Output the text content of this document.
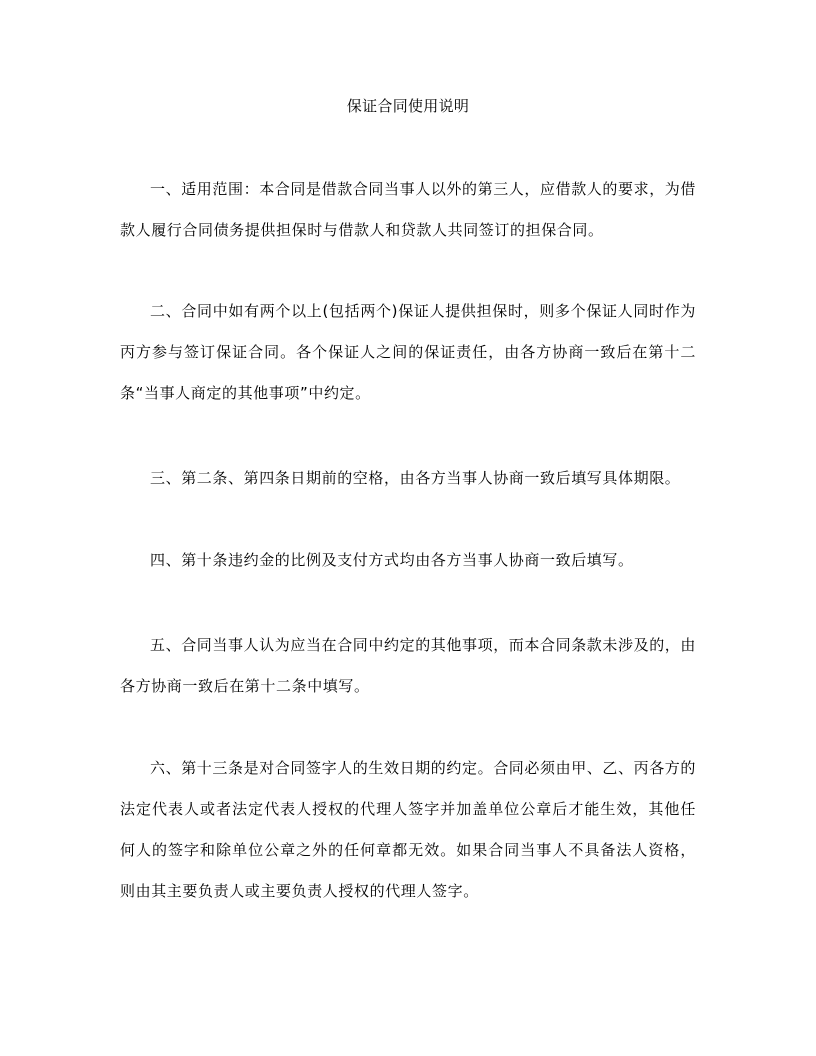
保证合同使用说明

一、适用范围：本合同是借款合同当事人以外的第三人，应借款人的要求，为借款人履行合同债务提供担保时与借款人和贷款人共同签订的担保合同。

二、合同中如有两个以上(包括两个)保证人提供担保时，则多个保证人同时作为丙方参与签订保证合同。各个保证人之间的保证责任，由各方协商一致后在第十二条“当事人商定的其他事项”中约定。

三、第二条、第四条日期前的空格，由各方当事人协商一致后填写具体期限。

四、第十条违约金的比例及支付方式均由各方当事人协商一致后填写。

五、合同当事人认为应当在合同中约定的其他事项，而本合同条款未涉及的，由各方协商一致后在第十二条中填写。

六、第十三条是对合同签字人的生效日期的约定。合同必须由甲、乙、丙各方的法定代表人或者法定代表人授权的代理人签字并加盖单位公章后才能生效，其他任何人的签字和除单位公章之外的任何章都无效。如果合同当事人不具备法人资格，则由其主要负责人或主要负责人授权的代理人签字。
